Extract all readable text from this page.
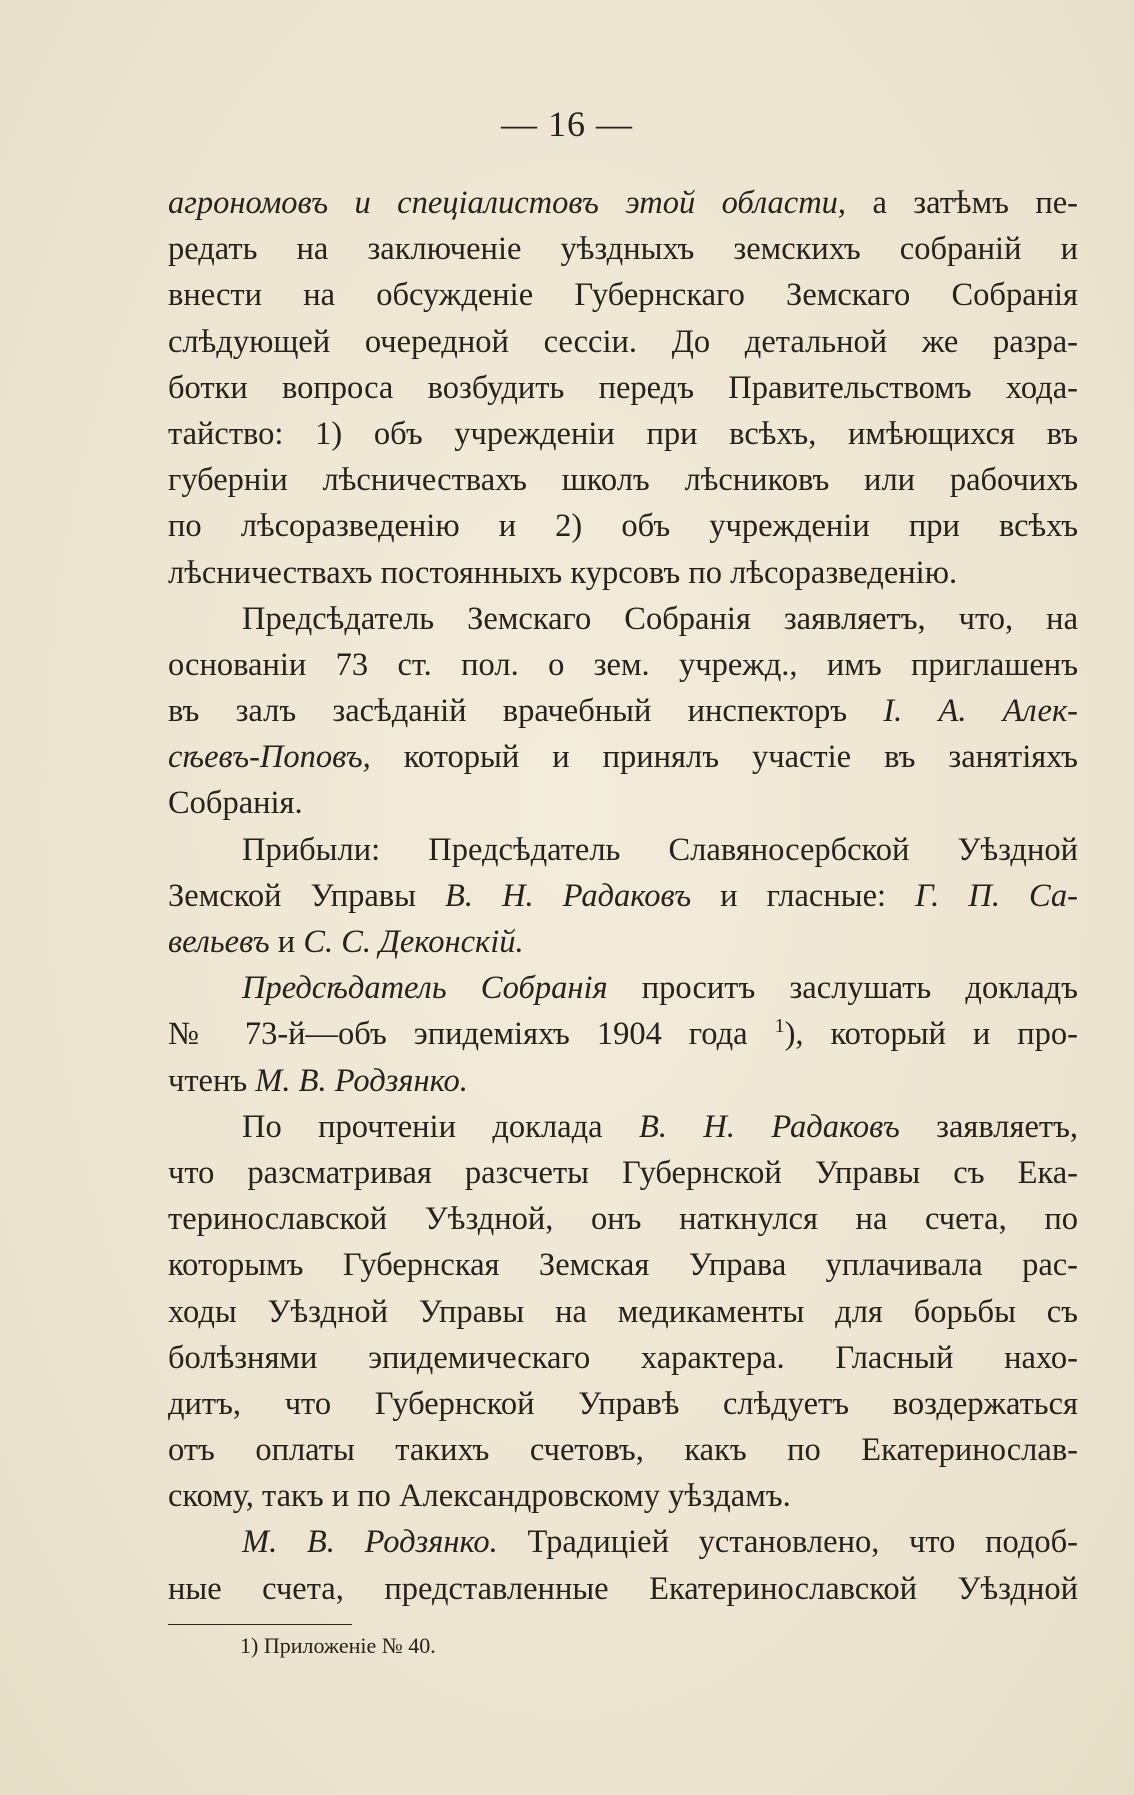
— 16 —
агрономовъ и спеціалистовъ этой области, а затѣмъ пе-
редать на заключеніе уѣздныхъ земскихъ собраній и
внести на обсужденіе Губернскаго Земскаго Собранія
слѣдующей очередной сессіи. До детальной же разра-
ботки вопроса возбудить передъ Правительствомъ хода-
тайство: 1) объ учрежденіи при всѣхъ, имѣющихся въ
губерніи лѣсничествахъ школъ лѣсниковъ или рабочихъ
по лѣсоразведенію и 2) объ учрежденіи при всѣхъ
лѣсничествахъ постоянныхъ курсовъ по лѣсоразведенію.
Предсѣдатель Земскаго Собранія заявляетъ, что, на
основаніи 73 ст. пол. о зем. учрежд., имъ приглашенъ
въ залъ засѣданій врачебный инспекторъ І. А. Алек-
сѣевъ-Поповъ, который и принялъ участіе въ занятіяхъ
Собранія.
Прибыли: Предсѣдатель Славяносербской Уѣздной
Земской Управы В. Н. Радаковъ и гласные: Г. П. Са-
вельевъ и С. С. Деконскій.
Предсѣдатель Собранія проситъ заслушать докладъ
№ 73-й—объ эпидеміяхъ 1904 года $^1$), который и про-
чтенъ М. В. Родзянко.
По прочтеніи доклада В. Н. Радаковъ заявляетъ,
что разсматривая разсчеты Губернской Управы съ Ека-
теринославской Уѣздной, онъ наткнулся на счета, по
которымъ Губернская Земская Управа уплачивала рас-
ходы Уѣздной Управы на медикаменты для борьбы съ
болѣзнями эпидемическаго характера. Гласный нахо-
дитъ, что Губернской Управѣ слѣдуетъ воздержаться
отъ оплаты такихъ счетовъ, какъ по Екатеринослав-
скому, такъ и по Александровскому уѣздамъ.
М. В. Родзянко. Традиціей установлено, что подоб-
ные счета, представленные Екатеринославской Уѣздной
1) Приложеніе № 40.
